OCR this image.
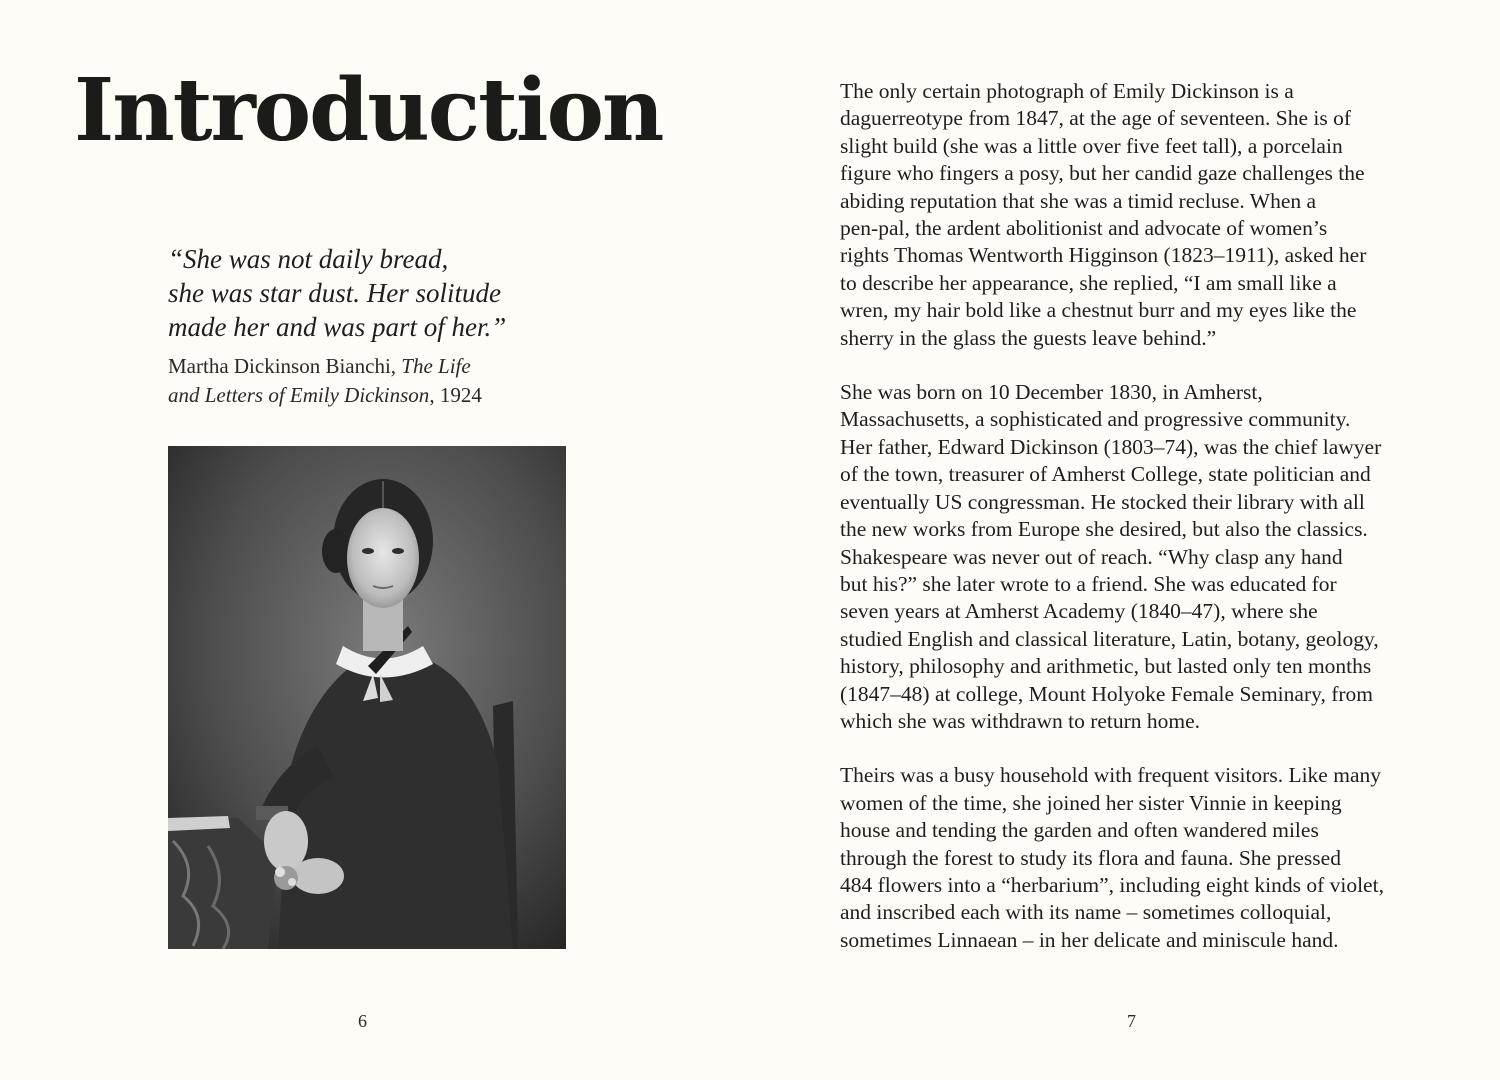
Introduction
“She was not daily bread,
she was star dust. Her solitude
made her and was part of her.”
Martha Dickinson Bianchi, The Life
and Letters of Emily Dickinson, 1924
6

The only certain photograph of Emily Dickinson is a
daguerreotype from 1847, at the age of seventeen. She is of
slight build (she was a little over five feet tall), a porcelain
figure who fingers a posy, but her candid gaze challenges the
abiding reputation that she was a timid recluse. When a
pen-pal, the ardent abolitionist and advocate of women’s
rights Thomas Wentworth Higginson (1823–1911), asked her
to describe her appearance, she replied, “I am small like a
wren, my hair bold like a chestnut burr and my eyes like the
sherry in the glass the guests leave behind.”

She was born on 10 December 1830, in Amherst,
Massachusetts, a sophisticated and progressive community.
Her father, Edward Dickinson (1803–74), was the chief lawyer
of the town, treasurer of Amherst College, state politician and
eventually US congressman. He stocked their library with all
the new works from Europe she desired, but also the classics.
Shakespeare was never out of reach. “Why clasp any hand
but his?” she later wrote to a friend. She was educated for
seven years at Amherst Academy (1840–47), where she
studied English and classical literature, Latin, botany, geology,
history, philosophy and arithmetic, but lasted only ten months
(1847–48) at college, Mount Holyoke Female Seminary, from
which she was withdrawn to return home.

Theirs was a busy household with frequent visitors. Like many
women of the time, she joined her sister Vinnie in keeping
house and tending the garden and often wandered miles
through the forest to study its flora and fauna. She pressed
484 flowers into a “herbarium”, including eight kinds of violet,
and inscribed each with its name – sometimes colloquial,
sometimes Linnaean – in her delicate and miniscule hand.

7
